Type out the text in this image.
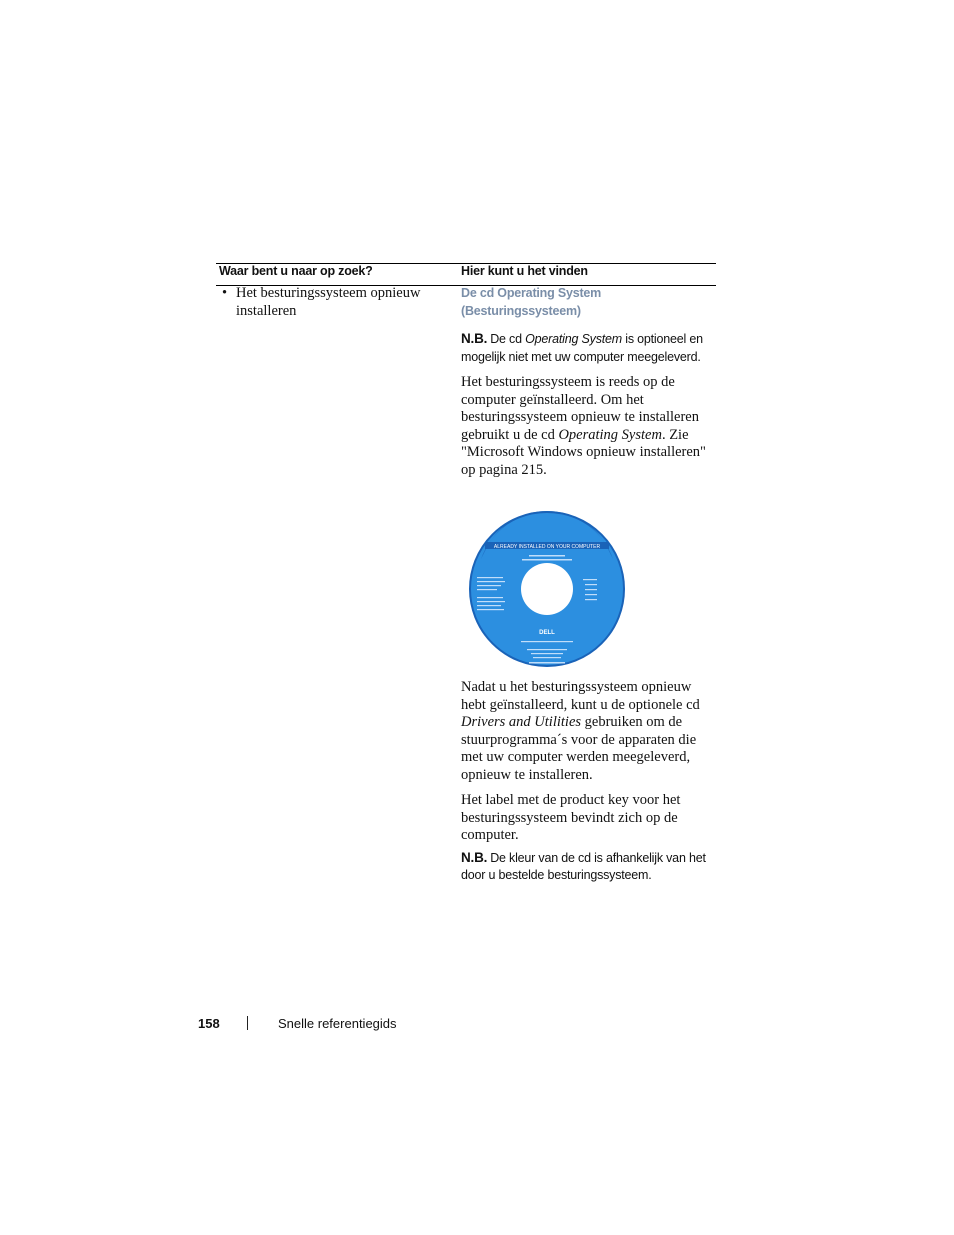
Waar bent u naar op zoek?	Hier kunt u het vinden
• Het besturingssysteem opnieuw installeren
De cd Operating System
(Besturingssysteem)
N.B. De cd Operating System is optioneel en mogelijk niet met uw computer meegeleverd.
Het besturingssysteem is reeds op de computer geïnstalleerd. Om het besturingssysteem opnieuw te installeren gebruikt u de cd Operating System. Zie "Microsoft Windows opnieuw installeren" op pagina 215.
OPER STEM
ALREADY INSTALLED ON YOUR COMPUTER
DELL
Nadat u het besturingssysteem opnieuw hebt geïnstalleerd, kunt u de optionele cd Drivers and Utilities gebruiken om de stuurprogramma´s voor de apparaten die met uw computer werden meegeleverd, opnieuw te installeren.
Het label met de product key voor het besturingssysteem bevindt zich op de computer.
N.B. De kleur van de cd is afhankelijk van het door u bestelde besturingssysteem.
158	Snelle referentiegids
